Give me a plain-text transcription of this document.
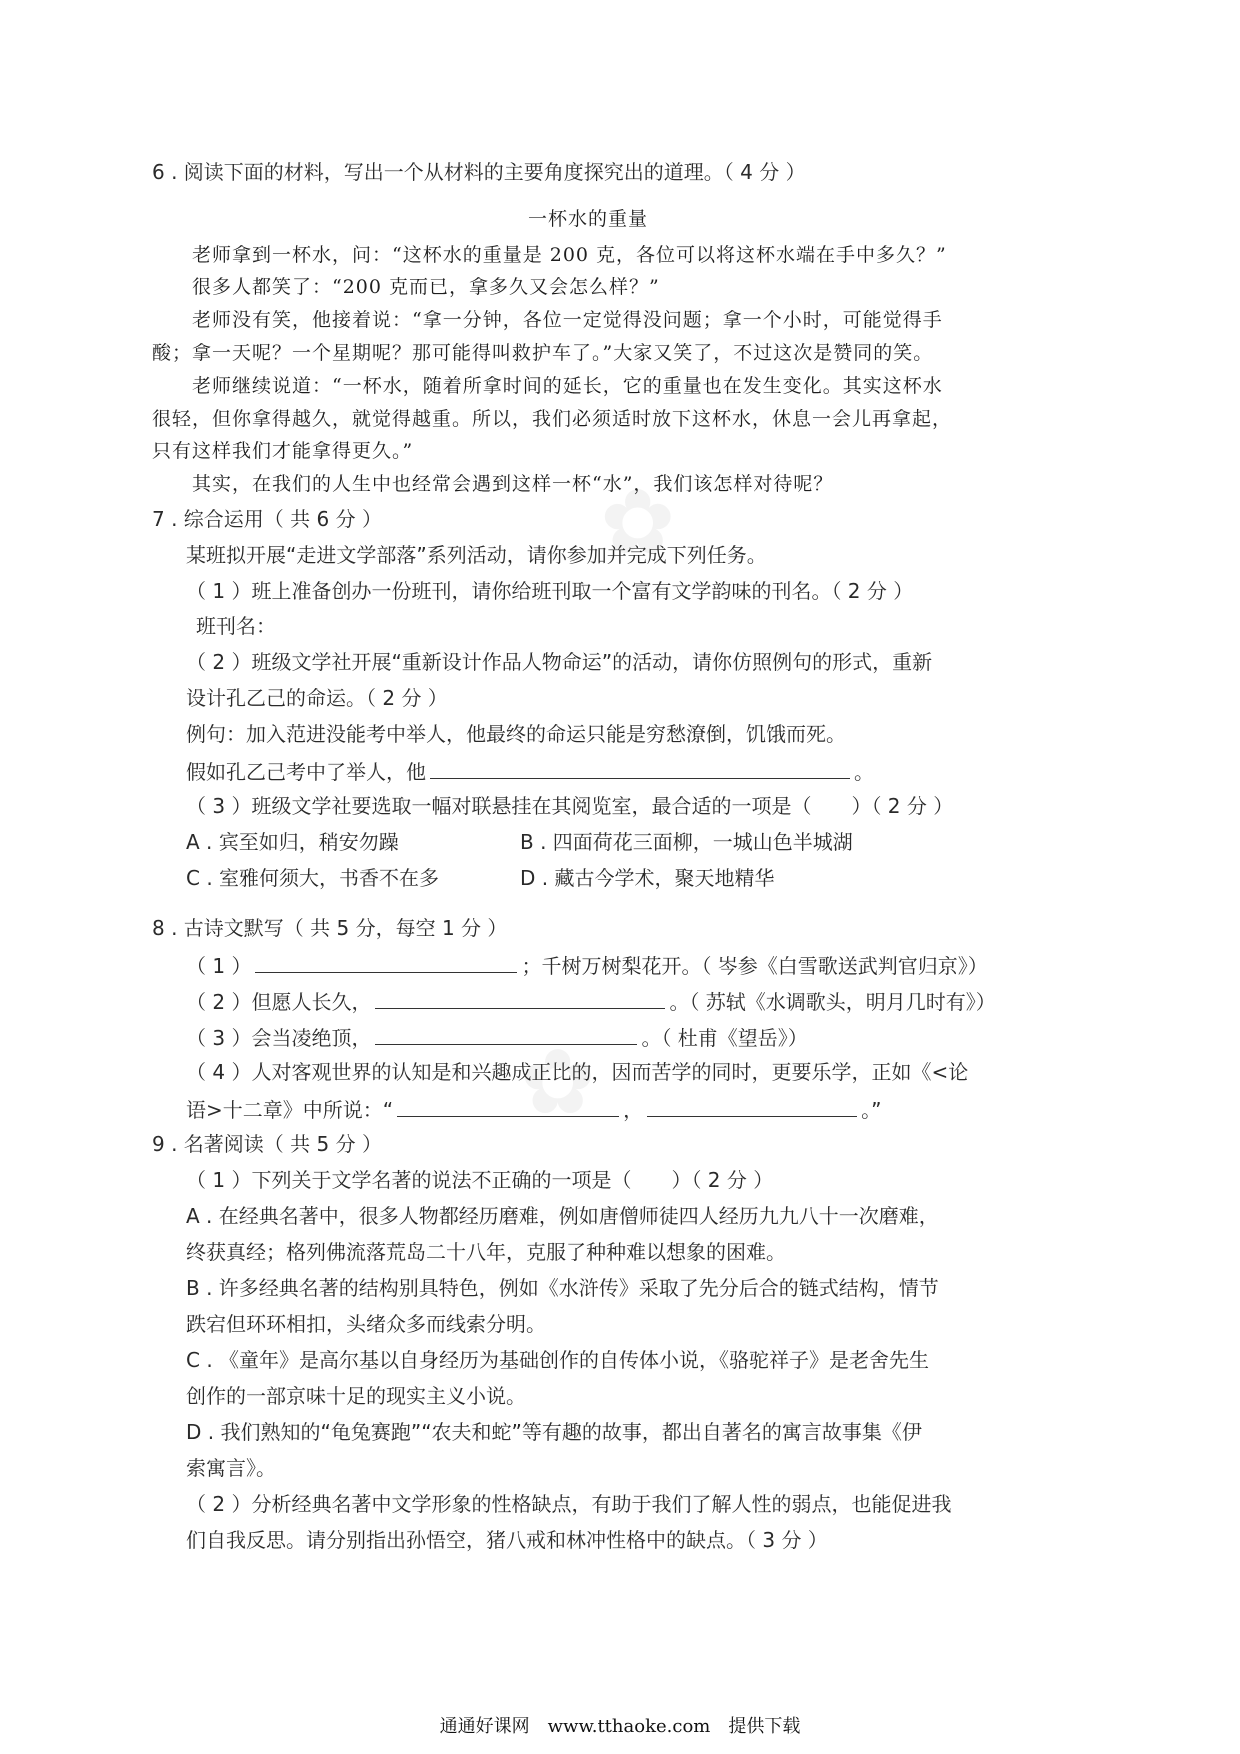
✿
✿
6 . 阅读下面的材料，写出一个从材料的主要角度探究出的道理。（ 4 分 ）
一杯水的重量
老师拿到一杯水，问：“这杯水的重量是 200 克，各位可以将这杯水端在手中多久？”
很多人都笑了：“200 克而已，拿多久又会怎么样？”
老师没有笑，他接着说：“拿一分钟，各位一定觉得没问题；拿一个小时，可能觉得手
酸；拿一天呢？一个星期呢？那可能得叫救护车了。”大家又笑了，不过这次是赞同的笑。
老师继续说道：“一杯水，随着所拿时间的延长，它的重量也在发生变化。其实这杯水
很轻，但你拿得越久，就觉得越重。所以，我们必须适时放下这杯水，休息一会儿再拿起，
只有这样我们才能拿得更久。”
其实，在我们的人生中也经常会遇到这样一杯“水”，我们该怎样对待呢？
7 . 综合运用（ 共 6 分 ）
某班拟开展“走进文学部落”系列活动，请你参加并完成下列任务。
（ 1 ）班上准备创办一份班刊，请你给班刊取一个富有文学韵味的刊名。（ 2 分 ）
班刊名：
（ 2 ）班级文学社开展“重新设计作品人物命运”的活动，请你仿照例句的形式，重新
设计孔乙己的命运。（ 2 分 ）
例句：加入范进没能考中举人，他最终的命运只能是穷愁潦倒，饥饿而死。
假如孔乙己考中了举人，他	。
（ 3 ）班级文学社要选取一幅对联悬挂在其阅览室，最合适的一项是（　　）（ 2 分 ）
A . 宾至如归，稍安勿躁	B . 四面荷花三面柳，一城山色半城湖
C . 室雅何须大，书香不在多	D . 藏古今学术，聚天地精华
8 . 古诗文默写（ 共 5 分，每空 1 分 ）
（ 1 ）	；千树万树梨花开。（ 岑参《白雪歌送武判官归京》）
（ 2 ）但愿人长久，	。（ 苏轼《水调歌头，明月几时有》）
（ 3 ）会当凌绝顶，	。（ 杜甫《望岳》）
（ 4 ）人对客观世界的认知是和兴趣成正比的，因而苦学的同时，更要乐学，正如《<论
语>十二章》中所说：“	，	。”
9 . 名著阅读（ 共 5 分 ）
（ 1 ）下列关于文学名著的说法不正确的一项是（　　）（ 2 分 ）
A . 在经典名著中，很多人物都经历磨难，例如唐僧师徒四人经历九九八十一次磨难，
终获真经；格列佛流落荒岛二十八年，克服了种种难以想象的困难。
B . 许多经典名著的结构别具特色，例如《水浒传》采取了先分后合的链式结构，情节
跌宕但环环相扣，头绪众多而线索分明。
C . 《童年》是高尔基以自身经历为基础创作的自传体小说，《骆驼祥子》是老舍先生
创作的一部京味十足的现实主义小说。
D . 我们熟知的“龟兔赛跑”“农夫和蛇”等有趣的故事，都出自著名的寓言故事集《伊
索寓言》。
（ 2 ）分析经典名著中文学形象的性格缺点，有助于我们了解人性的弱点，也能促进我
们自我反思。请分别指出孙悟空，猪八戒和林冲性格中的缺点。（ 3 分 ）
通通好课网　www.tthaoke.com　提供下载
